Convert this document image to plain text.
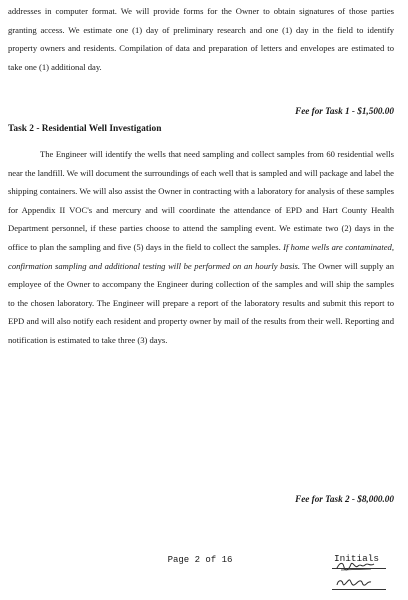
addresses in computer format. We will provide forms for the Owner to obtain signatures of those parties granting access. We estimate one (1) day of preliminary research and one (1) day in the field to identify property owners and residents. Compilation of data and preparation of letters and envelopes are estimated to take one (1) additional day.
Fee for Task 1 - $1,500.00
Task 2 - Residential Well Investigation
The Engineer will identify the wells that need sampling and collect samples from 60 residential wells near the landfill. We will document the surroundings of each well that is sampled and will package and label the shipping containers. We will also assist the Owner in contracting with a laboratory for analysis of these samples for Appendix II VOC's and mercury and will coordinate the attendance of EPD and Hart County Health Department personnel, if these parties choose to attend the sampling event. We estimate two (2) days in the office to plan the sampling and five (5) days in the field to collect the samples. If home wells are contaminated, confirmation sampling and additional testing will be performed on an hourly basis. The Owner will supply an employee of the Owner to accompany the Engineer during collection of the samples and will ship the samples to the chosen laboratory. The Engineer will prepare a report of the laboratory results and submit this report to EPD and will also notify each resident and property owner by mail of the results from their well. Reporting and notification is estimated to take three (3) days.
Fee for Task 2 - $8,000.00
Page 2 of 16	Initials
